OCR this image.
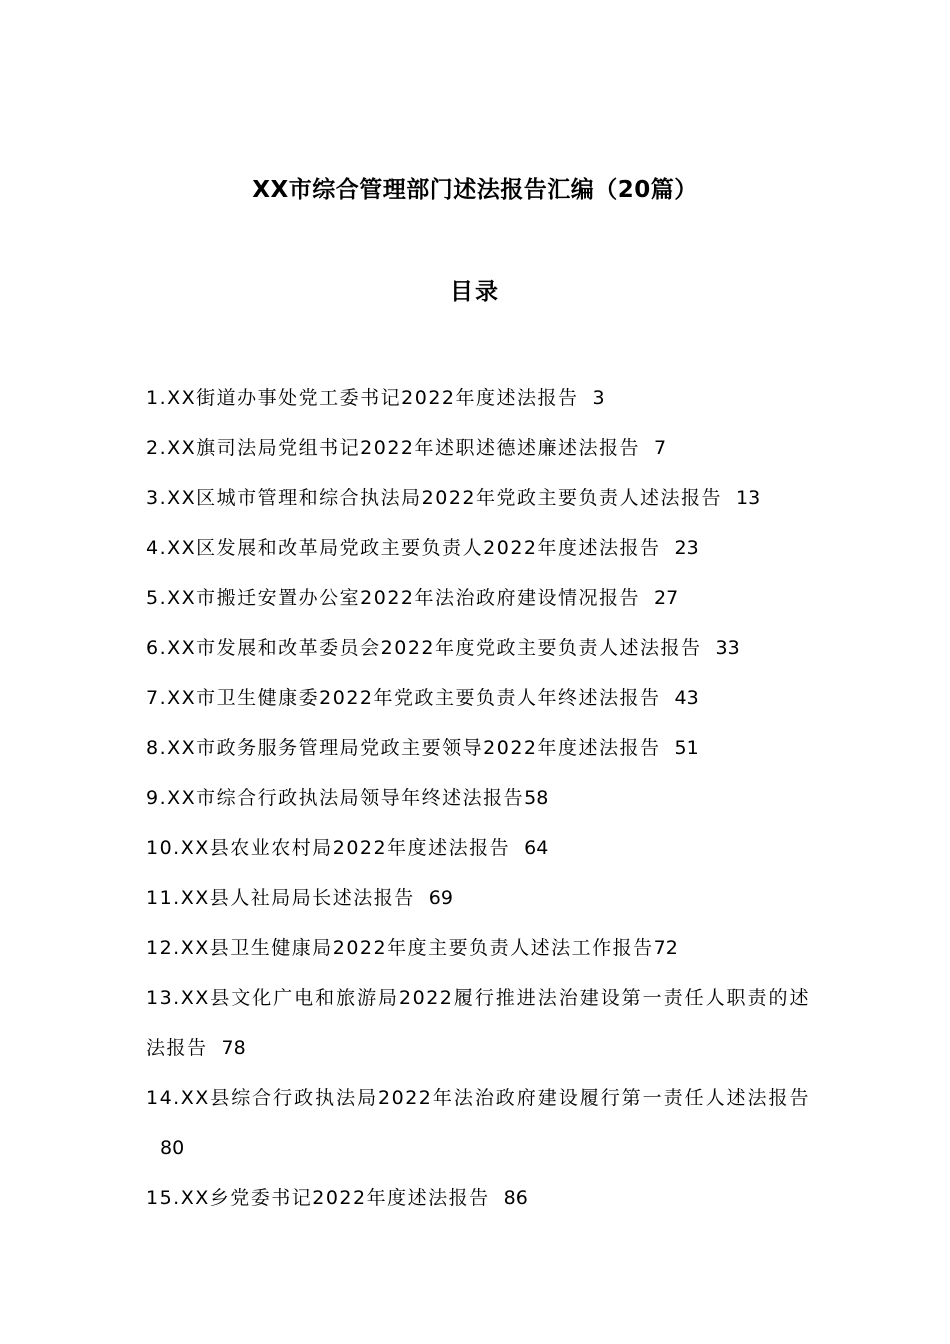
XX市综合管理部门述法报告汇编（20篇）
目录
1.XX街道办事处党工委书记2022年度述法报告 3
2.XX旗司法局党组书记2022年述职述德述廉述法报告 7
3.XX区城市管理和综合执法局2022年党政主要负责人述法报告 13
4.XX区发展和改革局党政主要负责人2022年度述法报告 23
5.XX市搬迁安置办公室2022年法治政府建设情况报告 27
6.XX市发展和改革委员会2022年度党政主要负责人述法报告 33
7.XX市卫生健康委2022年党政主要负责人年终述法报告 43
8.XX市政务服务管理局党政主要领导2022年度述法报告 51
9.XX市综合行政执法局领导年终述法报告58
10.XX县农业农村局2022年度述法报告 64
11.XX县人社局局长述法报告 69
12.XX县卫生健康局2022年度主要负责人述法工作报告72
13.XX县文化广电和旅游局2022履行推进法治建设第一责任人职责的述法报告 78
14.XX县综合行政执法局2022年法治政府建设履行第一责任人述法报告80
15.XX乡党委书记2022年度述法报告 86
